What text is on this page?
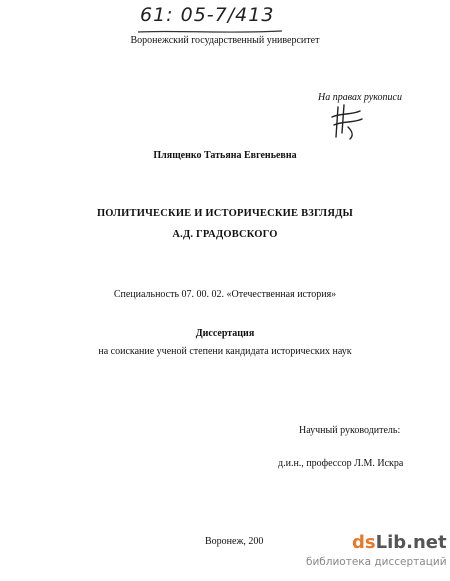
61: 05-7/413
Воронежский государственный университет
На правах рукописи
Плященко Татьяна Евгеньевна
ПОЛИТИЧЕСКИЕ И ИСТОРИЧЕСКИЕ ВЗГЛЯДЫ
А.Д. ГРАДОВСКОГО
Специальность 07. 00. 02. «Отечественная история»
Диссертация
на соискание ученой степени кандидата исторических наук
Научный руководитель:
д.и.н., профессор Л.М. Искра
Воронеж, 200	dsLib.net
библиотека диссертаций
